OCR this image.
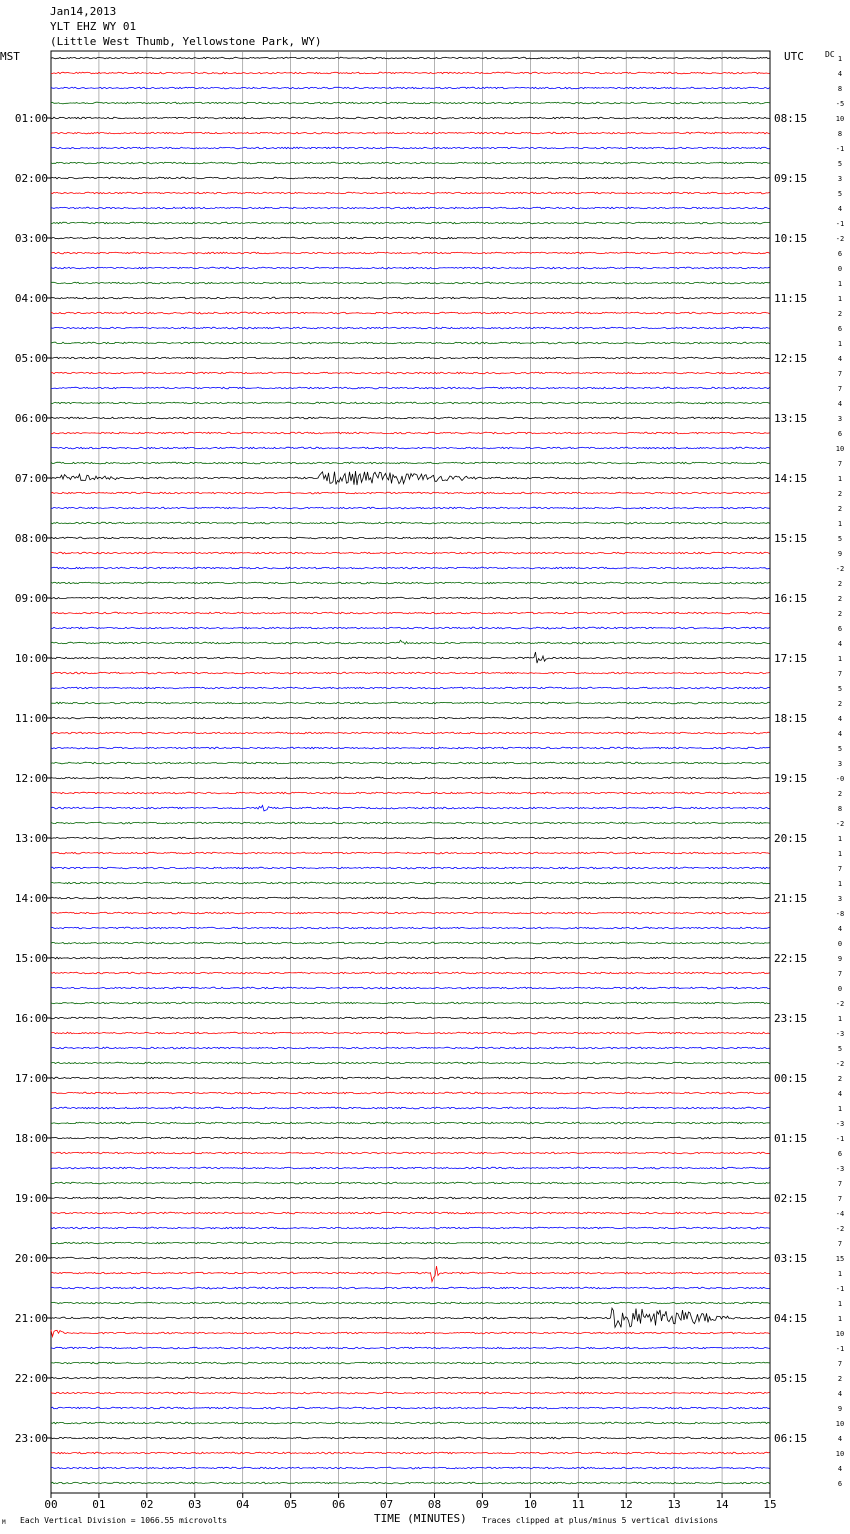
Jan14,2013
YLT EHZ WY 01
(Little West Thumb, Yellowstone Park, WY)
MST	UTC	DC 1
4
8
-5
10
8
-1
5
3
5
4
-1
-2
6
0
1
1
2
6
1
4
7
7
4
3
6
10
7
1
2
2
1
5
9
-2
2
2
2
6
4
1
7
5
2
4
4
5
3
-0
2
8
-2
1
1
7
1
3
-8
4
0
9
7
0
-2
1
-3
5
-2
2
4
1
-3
-1
6
-3
7
7
-4
-2
7
15
1
-1
1
1
10
-1
7
2
4
9
10
4
10
4
6
01:00
02:00
03:00
04:00
05:00
06:00
07:00
08:00
09:00
10:00
11:00
12:00
13:00
14:00
15:00
16:00
17:00
18:00
19:00
20:00
21:00
22:00
23:00
08:15
09:15
10:15
11:15
12:15
13:15
14:15
15:15
16:15
17:15
18:15
19:15
20:15
21:15
22:15
23:15
00:15
01:15
02:15
03:15
04:15
05:15
06:15
00	01	02	03	04	05	06	07	08	09	10	11	12	13	14	15
TIME (MINUTES)
Each Vertical Division = 1066.55 microvolts	Traces clipped at plus/minus 5 vertical divisions
M
